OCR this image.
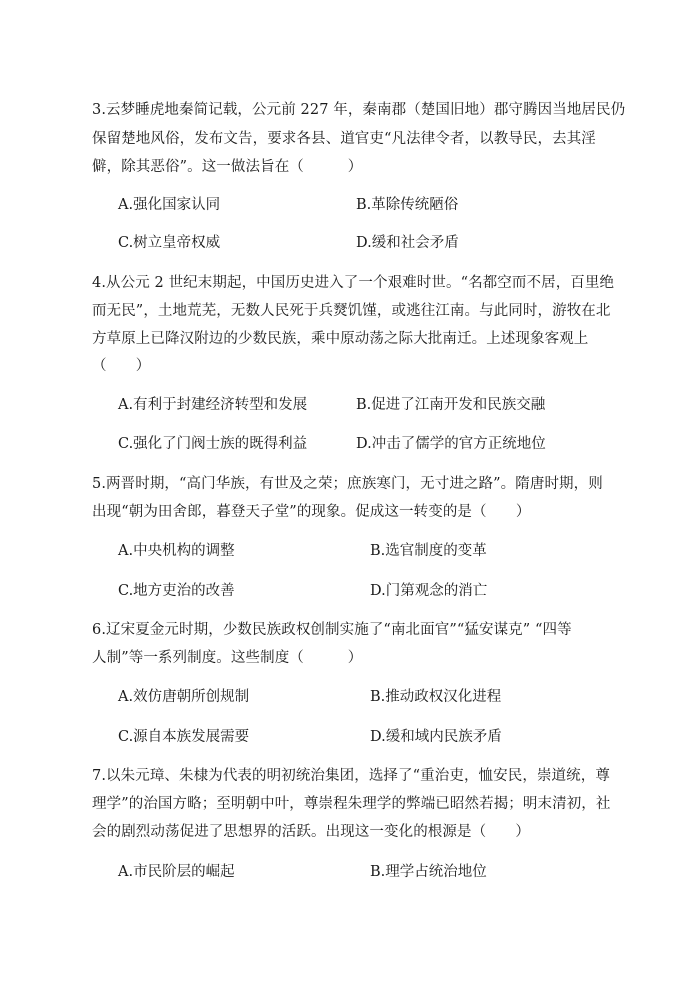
3.云梦睡虎地秦简记载，公元前 227 年，秦南郡（楚国旧地）郡守腾因当地居民仍
保留楚地风俗，发布文告，要求各县、道官吏“凡法律令者，以教导民，去其淫
僻，除其恶俗”。这一做法旨在（　　　）
A.强化国家认同	B.革除传统陋俗
C.树立皇帝权威	D.缓和社会矛盾
4.从公元 2 世纪末期起，中国历史进入了一个艰难时世。“名都空而不居，百里绝
而无民”，土地荒芜，无数人民死于兵燹饥馑，或逃往江南。与此同时，游牧在北
方草原上已降汉附边的少数民族，乘中原动荡之际大批南迁。上述现象客观上
（　　）
A.有利于封建经济转型和发展	B.促进了江南开发和民族交融
C.强化了门阀士族的既得利益	D.冲击了儒学的官方正统地位
5.两晋时期，“高门华族，有世及之荣；庶族寒门，无寸进之路”。隋唐时期，则
出现“朝为田舍郎，暮登天子堂”的现象。促成这一转变的是（　　）
A.中央机构的调整	B.选官制度的变革
C.地方吏治的改善	D.门第观念的消亡
6.辽宋夏金元时期，少数民族政权创制实施了“南北面官”“猛安谋克” “四等
人制”等一系列制度。这些制度（　　　）
A.效仿唐朝所创规制	B.推动政权汉化进程
C.源自本族发展需要	D.缓和域内民族矛盾
7.以朱元璋、朱棣为代表的明初统治集团，选择了“重治吏，恤安民，崇道统，尊
理学”的治国方略；至明朝中叶，尊崇程朱理学的弊端已昭然若揭；明末清初，社
会的剧烈动荡促进了思想界的活跃。出现这一变化的根源是（　　）
A.市民阶层的崛起	B.理学占统治地位
